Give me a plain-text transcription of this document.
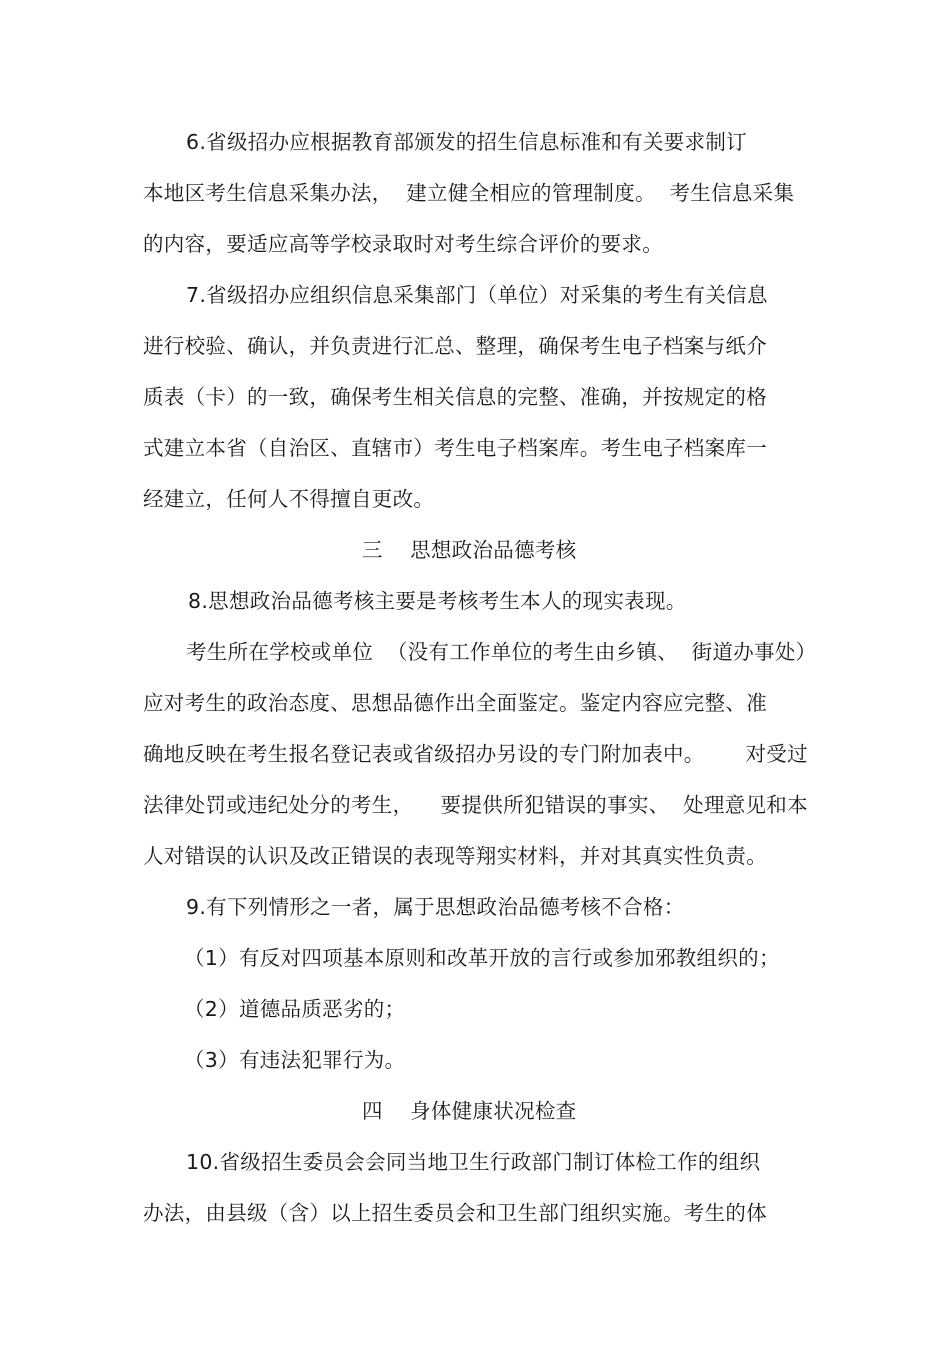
6.省级招办应根据教育部颁发的招生信息标准和有关要求制订
本地区考生信息采集办法，  建立健全相应的管理制度。  考生信息采集
的内容，要适应高等学校录取时对考生综合评价的要求。
7.省级招办应组织信息采集部门（单位）对采集的考生有关信息
进行校验、确认，并负责进行汇总、整理，确保考生电子档案与纸介
质表（卡）的一致，确保考生相关信息的完整、准确，并按规定的格
式建立本省（自治区、直辖市）考生电子档案库。考生电子档案库一
经建立，任何人不得擅自更改。
三    思想政治品德考核
8.思想政治品德考核主要是考核考生本人的现实表现。
考生所在学校或单位  （没有工作单位的考生由乡镇、  街道办事处）
应对考生的政治态度、思想品德作出全面鉴定。鉴定内容应完整、准
确地反映在考生报名登记表或省级招办另设的专门附加表中。      对受过
法律处罚或违纪处分的考生，    要提供所犯错误的事实、  处理意见和本
人对错误的认识及改正错误的表现等翔实材料，并对其真实性负责。
9.有下列情形之一者，属于思想政治品德考核不合格：
（1）有反对四项基本原则和改革开放的言行或参加邪教组织的；
（2）道德品质恶劣的；
（3）有违法犯罪行为。
四    身体健康状况检查
10.省级招生委员会会同当地卫生行政部门制订体检工作的组织
办法，由县级（含）以上招生委员会和卫生部门组织实施。考生的体
